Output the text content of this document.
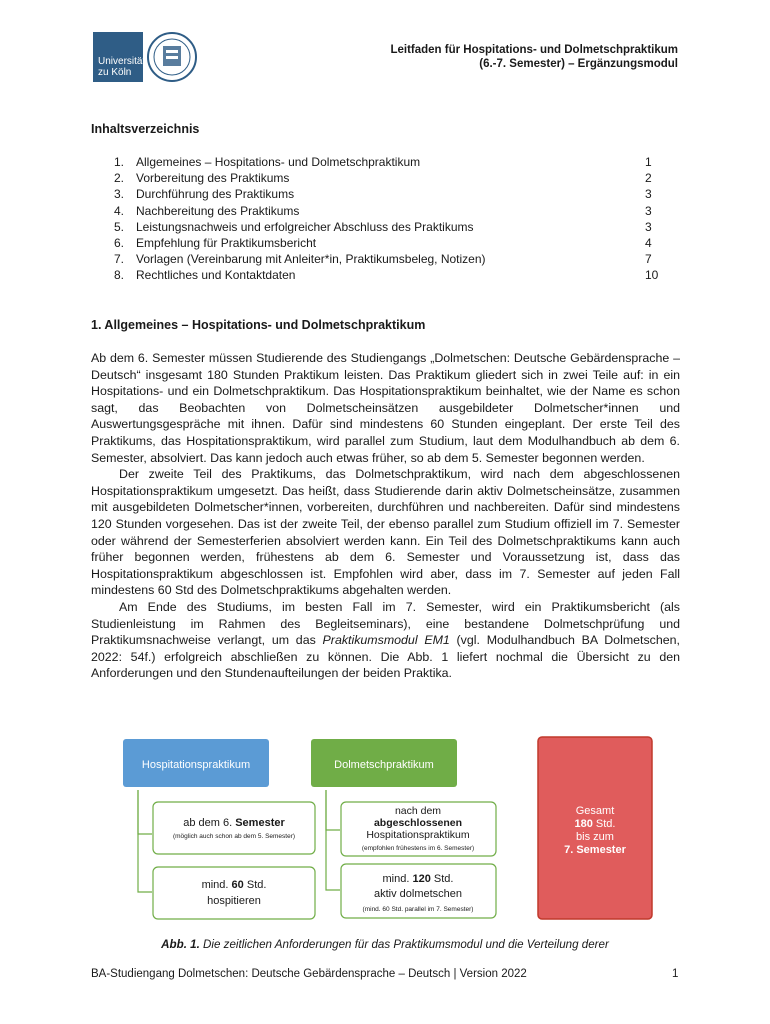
Universität
zu Köln
Leitfaden für Hospitations- und Dolmetschpraktikum
(6.-7. Semester) – Ergänzungsmodul
Inhaltsverzeichnis
1. Allgemeines – Hospitations- und Dolmetschpraktikum	1
2. Vorbereitung des Praktikums	2
3. Durchführung des Praktikums	3
4. Nachbereitung des Praktikums	3
5. Leistungsnachweis und erfolgreicher Abschluss des Praktikums	3
6. Empfehlung für Praktikumsbericht	4
7. Vorlagen (Vereinbarung mit Anleiter*in, Praktikumsbeleg, Notizen)	7
8. Rechtliches und Kontaktdaten	10
1. Allgemeines – Hospitations- und Dolmetschpraktikum

Ab dem 6. Semester müssen Studierende des Studiengangs „Dolmetschen: Deutsche Gebärdensprache – Deutsch“ insgesamt 180 Stunden Praktikum leisten. Das Praktikum gliedert sich in zwei Teile auf: in ein Hospitations- und ein Dolmetschpraktikum. Das Hospitationspraktikum beinhaltet, wie der Name es schon sagt, das Beobachten von Dolmetscheinsätzen ausgebildeter Dolmetscher*innen und Auswertungsgespräche mit ihnen. Dafür sind mindestens 60 Stunden eingeplant. Der erste Teil des Praktikums, das Hospitationspraktikum, wird parallel zum Studium, laut dem Modulhandbuch ab dem 6. Semester, absolviert. Das kann jedoch auch etwas früher, so ab dem 5. Semester begonnen werden.

Der zweite Teil des Praktikums, das Dolmetschpraktikum, wird nach dem abgeschlossenen Hospitationspraktikum umgesetzt. Das heißt, dass Studierende darin aktiv Dolmetscheinsätze, zusammen mit ausgebildeten Dolmetscher*innen, vorbereiten, durchführen und nachbereiten. Dafür sind mindestens 120 Stunden vorgesehen. Das ist der zweite Teil, der ebenso parallel zum Studium offiziell im 7. Semester oder während der Semesterferien absolviert werden kann. Ein Teil des Dolmetschpraktikums kann auch früher begonnen werden, frühestens ab dem 6. Semester und Voraussetzung ist, dass das Hospitationspraktikum abgeschlossen ist. Empfohlen wird aber, dass im 7. Semester auf jeden Fall mindestens 60 Std des Dolmetschpraktikums abgehalten werden.

Am Ende des Studiums, im besten Fall im 7. Semester, wird ein Praktikumsbericht (als Studienleistung im Rahmen des Begleitseminars), eine bestandene Dolmetschprüfung und Praktikumsnachweise verlangt, um das Praktikumsmodul EM1 (vgl. Modulhandbuch BA Dolmetschen, 2022: 54f.) erfolgreich abschließen zu können. Die Abb. 1 liefert nochmal die Übersicht zu den Anforderungen und den Stundenaufteilungen der beiden Praktika.

Hospitationspraktikum
ab dem 6. Semester
(möglich auch schon ab dem 5. Semester)
mind. 60 Std.
hospitieren
Dolmetschpraktikum
nach dem
abgeschlossenen
Hospitationspraktikum
(empfohlen frühestens im 6. Semester)
mind. 120 Std.
aktiv dolmetschen
(mind. 60 Std. parallel im 7. Semester)
Gesamt
180 Std.
bis zum
7. Semester
Abb. 1. Die zeitlichen Anforderungen für das Praktikumsmodul und die Verteilung derer
BA-Studiengang Dolmetschen: Deutsche Gebärdensprache – Deutsch | Version 2022	1
